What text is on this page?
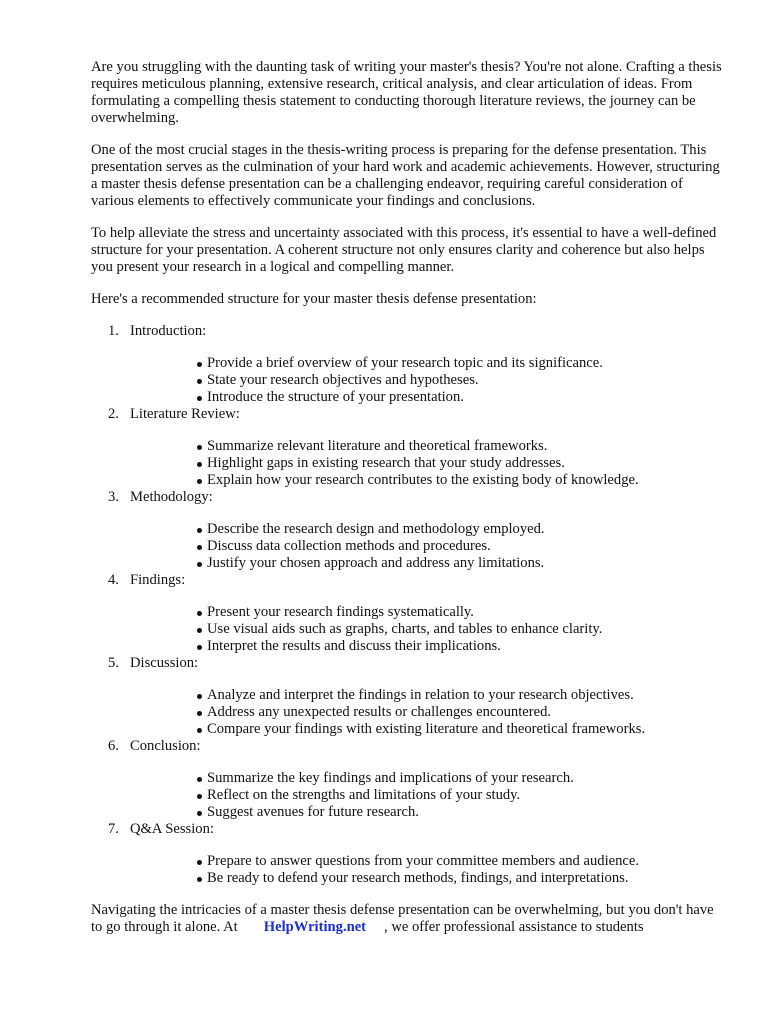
Are you struggling with the daunting task of writing your master's thesis? You're not alone. Crafting a thesis requires meticulous planning, extensive research, critical analysis, and clear articulation of ideas. From formulating a compelling thesis statement to conducting thorough literature reviews, the journey can be overwhelming.

One of the most crucial stages in the thesis-writing process is preparing for the defense presentation. This presentation serves as the culmination of your hard work and academic achievements. However, structuring a master thesis defense presentation can be a challenging endeavor, requiring careful consideration of various elements to effectively communicate your findings and conclusions.

To help alleviate the stress and uncertainty associated with this process, it's essential to have a well-defined structure for your presentation. A coherent structure not only ensures clarity and coherence but also helps you present your research in a logical and compelling manner.

Here's a recommended structure for your master thesis defense presentation:

1. Introduction:
Provide a brief overview of your research topic and its significance.
State your research objectives and hypotheses.
Introduce the structure of your presentation.
2. Literature Review:
Summarize relevant literature and theoretical frameworks.
Highlight gaps in existing research that your study addresses.
Explain how your research contributes to the existing body of knowledge.
3. Methodology:
Describe the research design and methodology employed.
Discuss data collection methods and procedures.
Justify your chosen approach and address any limitations.
4. Findings:
Present your research findings systematically.
Use visual aids such as graphs, charts, and tables to enhance clarity.
Interpret the results and discuss their implications.
5. Discussion:
Analyze and interpret the findings in relation to your research objectives.
Address any unexpected results or challenges encountered.
Compare your findings with existing literature and theoretical frameworks.
6. Conclusion:
Summarize the key findings and implications of your research.
Reflect on the strengths and limitations of your study.
Suggest avenues for future research.
7. Q&A Session:
Prepare to answer questions from your committee members and audience.
Be ready to defend your research methods, findings, and interpretations.

Navigating the intricacies of a master thesis defense presentation can be overwhelming, but you don't have to go through it alone. At HelpWriting.net , we offer professional assistance to students
